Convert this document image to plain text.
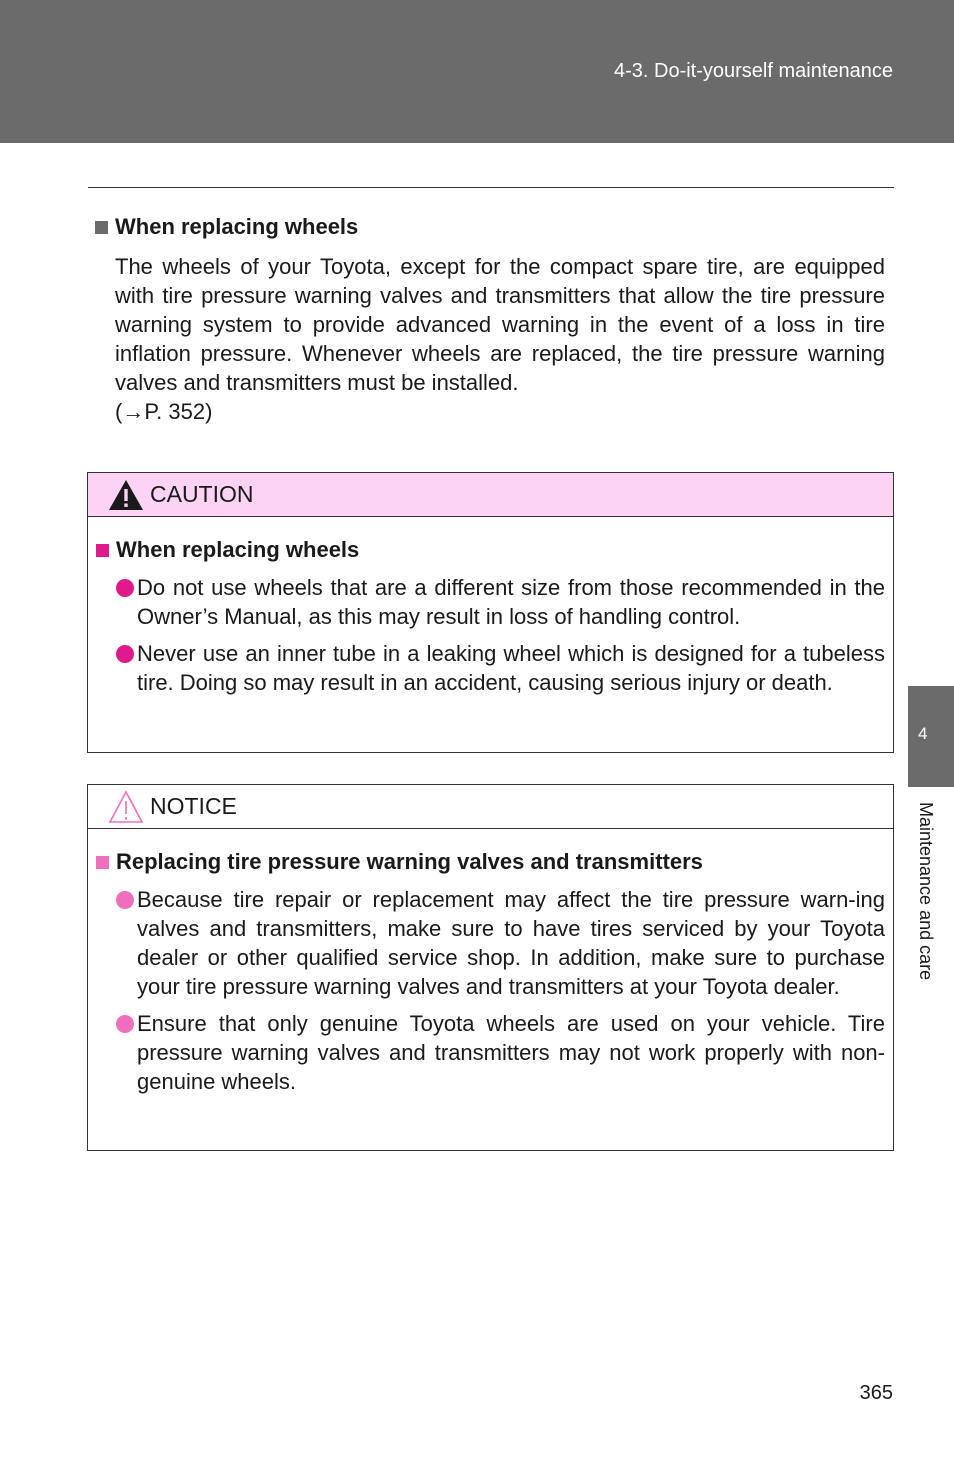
4-3. Do-it-yourself maintenance
When replacing wheels
The wheels of your Toyota, except for the compact spare tire, are equipped with tire pressure warning valves and transmitters that allow the tire pressure warning system to provide advanced warning in the event of a loss in tire inflation pressure. Whenever wheels are replaced, the tire pressure warning valves and transmitters must be installed.
(→P. 352)
CAUTION
When replacing wheels
Do not use wheels that are a different size from those recommended in the Owner’s Manual, as this may result in loss of handling control.
Never use an inner tube in a leaking wheel which is designed for a tubeless tire. Doing so may result in an accident, causing serious injury or death.
NOTICE
Replacing tire pressure warning valves and transmitters
Because tire repair or replacement may affect the tire pressure warn-ing valves and transmitters, make sure to have tires serviced by your Toyota dealer or other qualified service shop. In addition, make sure to purchase your tire pressure warning valves and transmitters at your Toyota dealer.
Ensure that only genuine Toyota wheels are used on your vehicle. Tire pressure warning valves and transmitters may not work properly with non-genuine wheels.
4
Maintenance and care
365
